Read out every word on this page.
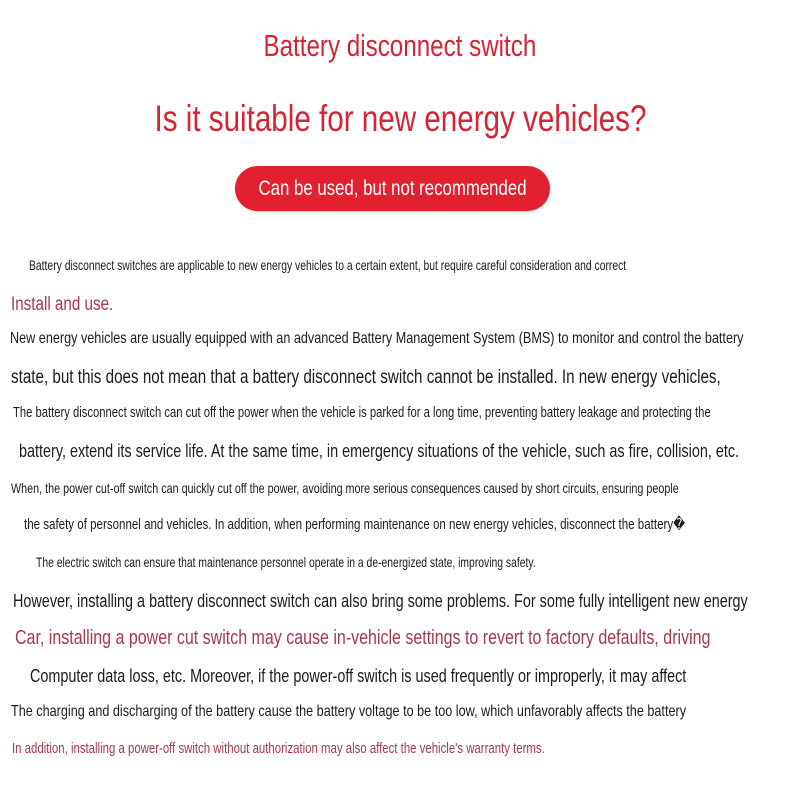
Battery disconnect switch
Is it suitable for new energy vehicles?
Can be used, but not recommended
Battery disconnect switches are applicable to new energy vehicles to a certain extent, but require careful consideration and correct
Install and use.
New energy vehicles are usually equipped with an advanced Battery Management System (BMS) to monitor and control the battery
state, but this does not mean that a battery disconnect switch cannot be installed. In new energy vehicles,
The battery disconnect switch can cut off the power when the vehicle is parked for a long time, preventing battery leakage and protecting the
battery, extend its service life. At the same time, in emergency situations of the vehicle, such as fire, collision, etc.
When, the power cut-off switch can quickly cut off the power, avoiding more serious consequences caused by short circuits, ensuring people
the safety of personnel and vehicles. In addition, when performing maintenance on new energy vehicles, disconnect the battery�
The electric switch can ensure that maintenance personnel operate in a de-energized state, improving safety.
However, installing a battery disconnect switch can also bring some problems. For some fully intelligent new energy
Car, installing a power cut switch may cause in-vehicle settings to revert to factory defaults, driving
Computer data loss, etc. Moreover, if the power-off switch is used frequently or improperly, it may affect
The charging and discharging of the battery cause the battery voltage to be too low, which unfavorably affects the battery
In addition, installing a power-off switch without authorization may also affect the vehicle's warranty terms.
